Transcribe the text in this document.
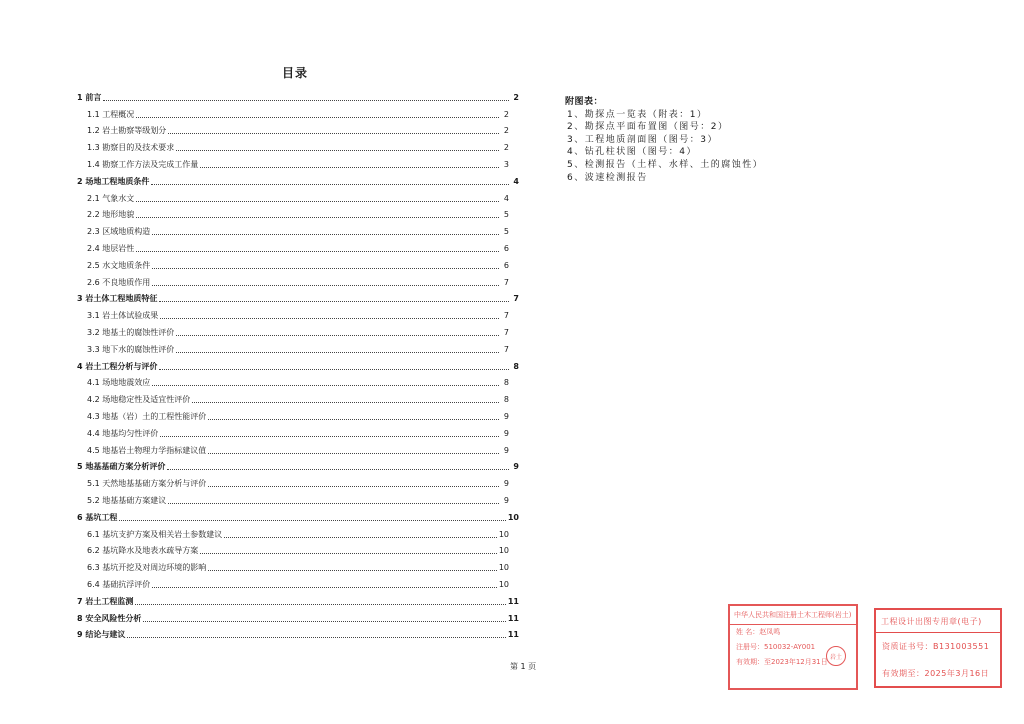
目录
1 前言	2
1.1 工程概况	2
1.2 岩土勘察等级划分	2
1.3 勘察目的及技术要求	2
1.4 勘察工作方法及完成工作量	3
2 场地工程地质条件	4
2.1 气象水文	4
2.2 地形地貌	5
2.3 区域地质构造	5
2.4 地层岩性	6
2.5 水文地质条件	6
2.6 不良地质作用	7
3 岩土体工程地质特征	7
3.1 岩土体试验成果	7
3.2 地基土的腐蚀性评价	7
3.3 地下水的腐蚀性评价	7
4 岩土工程分析与评价	8
4.1 场地地震效应	8
4.2 场地稳定性及适宜性评价	8
4.3 地基（岩）土的工程性能评价	9
4.4 地基均匀性评价	9
4.5 地基岩土物理力学指标建议值	9
5 地基基础方案分析评价	9
5.1 天然地基基础方案分析与评价	9
5.2 地基基础方案建议	9
6 基坑工程	10
6.1 基坑支护方案及相关岩土参数建议	10
6.2 基坑降水及地表水疏导方案	10
6.3 基坑开挖及对周边环境的影响	10
6.4 基础抗浮评价	10
7 岩土工程监测	11
8 安全风险性分析	11
9 结论与建议	11
附图表：
1、勘探点一览表（附表：1）
2、勘探点平面布置图（图号：2）
3、工程地质剖面图（图号：3）
4、钻孔柱状图（图号：4）
5、检测报告（土样、水样、土的腐蚀性）
6、波速检测报告
第 1 页
中华人民共和国注册土木工程师(岩土)
姓 名：赵凤鸣
注册号：510032-AY001
有效期：至2023年12月31日
岩土
工程设计出图专用章(电子)
资质证书号：B131003551
有效期至：2025年3月16日
